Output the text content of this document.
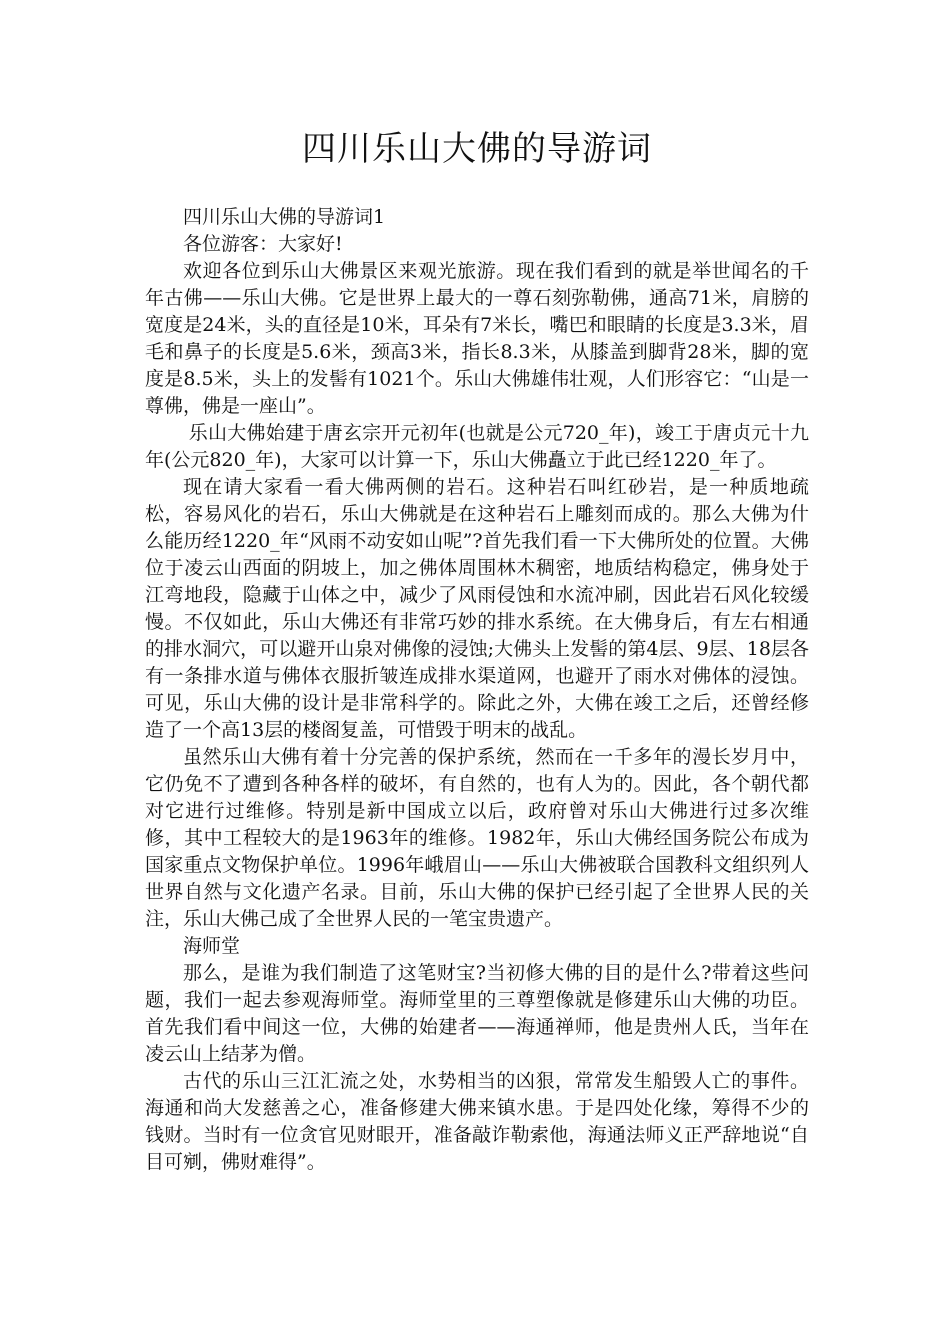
四川乐山大佛的导游词

四川乐山大佛的导游词1

各位游客：大家好!

欢迎各位到乐山大佛景区来观光旅游。现在我们看到的就是举世闻名的千年古佛——乐山大佛。它是世界上最大的一尊石刻弥勒佛，通高71米，肩膀的宽度是24米，头的直径是10米，耳朵有7米长，嘴巴和眼睛的长度是3.3米，眉毛和鼻子的长度是5.6米，颈高3米，指长8.3米，从膝盖到脚背28米，脚的宽度是8.5米，头上的发髻有1021个。乐山大佛雄伟壮观，人们形容它：“山是一尊佛，佛是一座山”。

乐山大佛始建于唐玄宗开元初年(也就是公元720_年)，竣工于唐贞元十九年(公元820_年)，大家可以计算一下，乐山大佛矗立于此已经1220_年了。

现在请大家看一看大佛两侧的岩石。这种岩石叫红砂岩，是一种质地疏松，容易风化的岩石，乐山大佛就是在这种岩石上雕刻而成的。那么大佛为什么能历经1220_年“风雨不动安如山呢”?首先我们看一下大佛所处的位置。大佛位于凌云山西面的阴坡上，加之佛体周围林木稠密，地质结构稳定，佛身处于江弯地段，隐藏于山体之中，减少了风雨侵蚀和水流冲刷，因此岩石风化较缓慢。不仅如此，乐山大佛还有非常巧妙的排水系统。在大佛身后，有左右相通的排水洞穴，可以避开山泉对佛像的浸蚀;大佛头上发髻的第4层、9层、18层各有一条排水道与佛体衣服折皱连成排水渠道网，也避开了雨水对佛体的浸蚀。可见，乐山大佛的设计是非常科学的。除此之外，大佛在竣工之后，还曾经修造了一个高13层的楼阁复盖，可惜毁于明末的战乱。

虽然乐山大佛有着十分完善的保护系统，然而在一千多年的漫长岁月中，它仍免不了遭到各种各样的破坏，有自然的，也有人为的。因此，各个朝代都对它进行过维修。特别是新中国成立以后，政府曾对乐山大佛进行过多次维修，其中工程较大的是1963年的维修。1982年，乐山大佛经国务院公布成为国家重点文物保护单位。1996年峨眉山——乐山大佛被联合国教科文组织列人世界自然与文化遗产名录。目前，乐山大佛的保护已经引起了全世界人民的关注，乐山大佛己成了全世界人民的一笔宝贵遗产。

海师堂

那么，是谁为我们制造了这笔财宝?当初修大佛的目的是什么?带着这些问题，我们一起去参观海师堂。海师堂里的三尊塑像就是修建乐山大佛的功臣。首先我们看中间这一位，大佛的始建者——海通禅师，他是贵州人氏，当年在凌云山上结茅为僧。

古代的乐山三江汇流之处，水势相当的凶狠，常常发生船毁人亡的事件。海通和尚大发慈善之心，准备修建大佛来镇水患。于是四处化缘，筹得不少的钱财。当时有一位贪官见财眼开，准备敲诈勒索他，海通法师义正严辞地说“自目可剜，佛财难得”。
